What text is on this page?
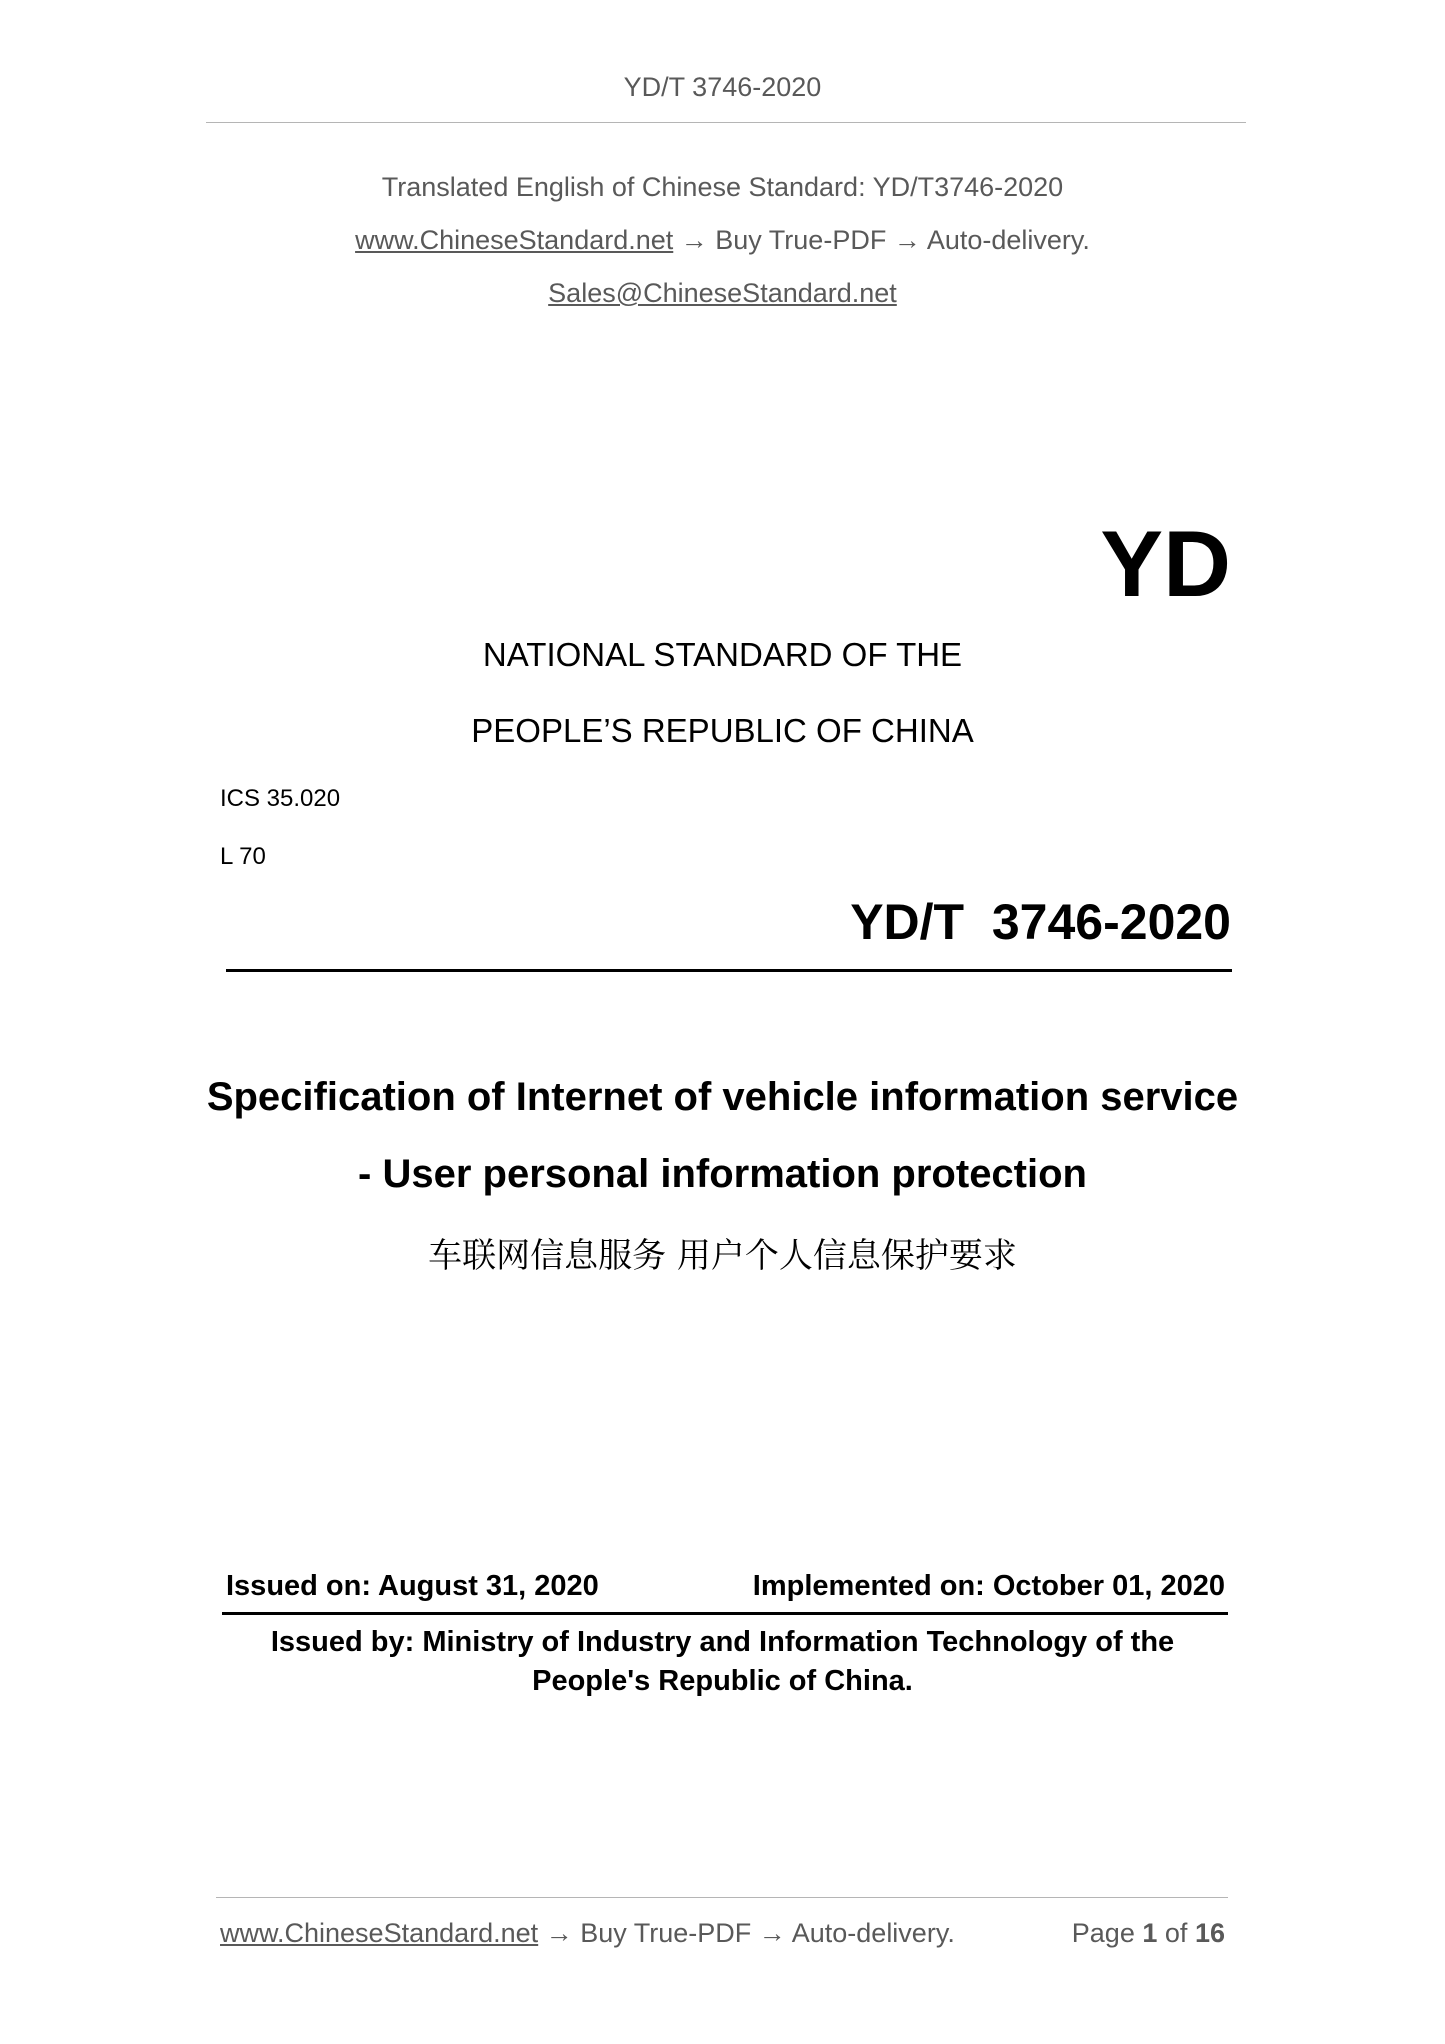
YD/T 3746-2020
Translated English of Chinese Standard: YD/T3746-2020
www.ChineseStandard.net → Buy True-PDF → Auto-delivery.
Sales@ChineseStandard.net
YD
NATIONAL STANDARD OF THE
PEOPLE’S REPUBLIC OF CHINA
ICS 35.020
L 70
YD/T  3746-2020
Specification of Internet of vehicle information service
- User personal information protection
车联网信息服务 用户个人信息保护要求
Issued on: August 31, 2020	Implemented on: October 01, 2020
Issued by: Ministry of Industry and Information Technology of the
People's Republic of China.
www.ChineseStandard.net → Buy True-PDF → Auto-delivery.	Page 1 of 16
